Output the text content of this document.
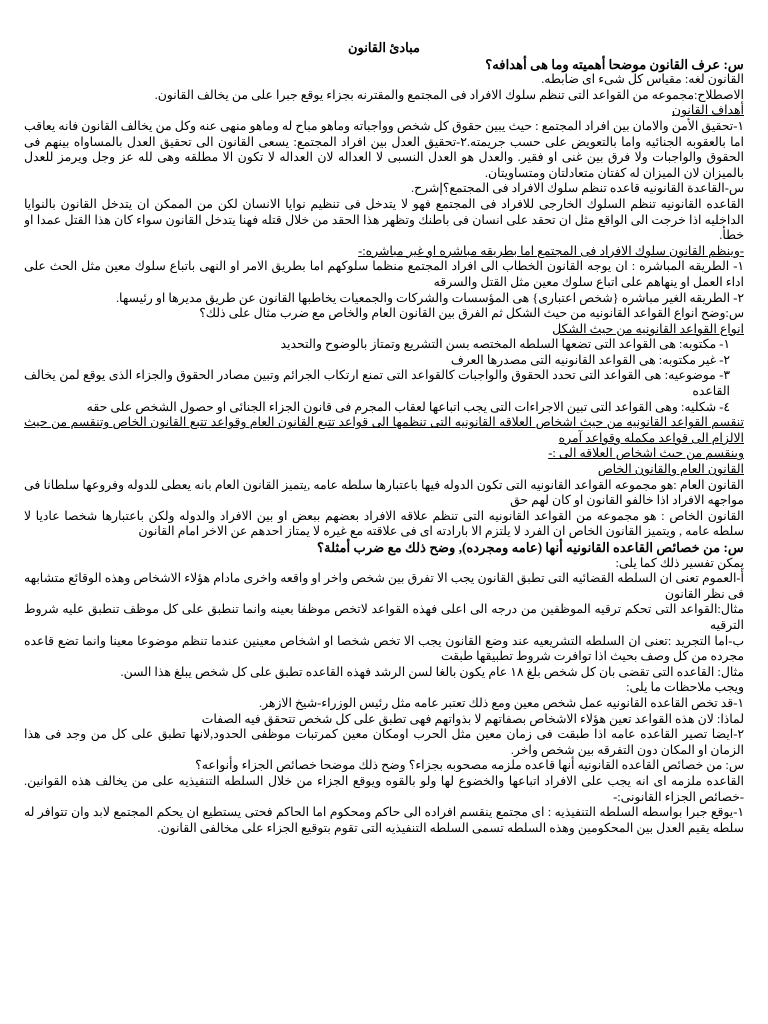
مبادئ القانون

س: عرف القانون موضحا أهميته وما هى أهدافه؟

القانون لغه: مقياس كل شىء اى ضابطه.

الاصطلاح:مجموعه من القواعد التى تنظم سلوك الافراد فى المجتمع والمقترنه بجزاء يوقع جبرا على من يخالف القانون.

أهداف القانون

١-تحقيق الأمن والامان بين افراد المجتمع : حيث يبين حقوق كل شخص وواجباته وماهو مباح له وماهو منهى عنه وكل من يخالف القانون فانه يعاقب اما بالعقوبه الجنائيه واما بالتعويض على حسب جريمته.٢-تحقيق العدل بين افراد المجتمع: يسعى القانون الى تحقيق العدل بالمساواه بينهم فى الحقوق والواجبات ولا فرق بين غنى او فقير. والعدل هو العدل النسبى لا العداله لان العداله لا تكون الا مطلقه وهى لله عز وجل ويرمز للعدل بالميزان لان الميزان له كفتان متعادلتان ومتساويتان.

س-القاعدة القانونيه قاعده تنظم سلوك الافراد فى المجتمع؟إشرح.

القاعده القانونيه تنظم السلوك الخارجى للافراد فى المجتمع فهو لا يتدخل فى تنظيم نوايا الانسان لكن من الممكن ان يتدخل القانون بالنوايا الداخليه اذا خرجت الى الواقع مثل ان تحقد على انسان فى باطنك وتظهر هذا الحقد من خلال قتله فهنا يتدخل القانون سواء كان هذا القتل عمدا او خطأ.

-وينظم القانون سلوك الافراد فى المجتمع اما بطريقه مباشره او غير مباشره:-

١- الطريقه المباشره : ان يوجه القانون الخطاب الى افراد المجتمع منظما سلوكهم اما بطريق الامر او النهى باتباع سلوك معين مثل الحث على اداء العمل او ينهاهم على اتباع سلوك معين مثل القتل والسرقه

٢- الطريقه الغير مباشره {شخص اعتبارى} هى المؤسسات والشركات والجمعيات يخاطبها القانون عن طريق مديرها او رئيسها.

س:وضح انواع القواعد القانونيه من حيث الشكل ثم الفرق بين القانون العام والخاص مع ضرب مثال على ذلك؟

انواع القواعد القانونيه من حيث الشكل

١- مكتوبه: هى القواعد التى تضعها السلطه المختصه بسن التشريع وتمتاز بالوضوح والتحديد

٢- غير مكتوبه: هى القواعد القانونيه التى مصدرها العرف

٣- موضوعيه: هى القواعد التى تحدد الحقوق والواجبات كالقواعد التى تمنع ارتكاب الجرائم وتبين مصادر الحقوق والجزاء الذى يوقع لمن يخالف القاعده

٤- شكليه: وهى القواعد التى تبين الاجراءات التى يجب اتباعها لعقاب المجرم فى قانون الجزاء الجنائى او حصول الشخص على حقه

تنقسم القواعد القانونيه من حيث اشخاص العلاقه القانونيه التى تنظمها الى قواعد تتبع القانون العام وقواعد تتبع القانون الخاص وتنقسم من حيث الالزام الى قواعد مكمله وقواعد آمره

وينقسم من حيث اشخاص العلاقه الى :-

القانون العام والقانون الخاص

القانون العام :هو مجموعه القواعد القانونيه التى تكون الدوله فيها باعتبارها سلطه عامه ,يتميز القانون العام بانه يعطى للدوله وفروعها سلطانا فى مواجهه الافراد اذا خالفو القانون او كان لهم حق

القانون الخاص : هو مجموعه من القواعد القانونيه التى تنظم علاقه الافراد بعضهم ببعض او بين الافراد والدوله ولكن باعتبارها شخصا عاديا لا سلطه عامه , ويتميز القانون الخاص ان الفرد لا يلتزم الا بارادته اى فى علاقته مع غيره لا يمتاز احدهم عن الاخر امام القانون

س: من خصائص القاعده القانونيه أنها (عامه ومجرده), وضح ذلك مع ضرب أمثلة؟

يمكن تفسير ذلك كما يلى:

أ-العموم تعنى ان السلطه القضائيه التى تطبق القانون يجب الا تفرق بين شخص واخر او واقعه واخرى مادام هؤلاء الاشخاص وهذه الوقائع متشابهه فى نظر القانون

مثال:القواعد التى تحكم ترقيه الموظفين من درجه الى اعلى فهذه القواعد لاتخص موظفا بعينه وانما تنطبق على كل موظف تنطبق عليه شروط الترقيه

ب-اما التجريد :تعنى ان السلطه التشريعيه عند وضع القانون يجب الا تخص شخصا او اشخاص معينين عندما تنظم موضوعا معينا وانما تضع قاعده مجرده من كل وصف بحيث اذا توافرت شروط تطبيقها طبقت

مثال: القاعده التى تقضى بان كل شخص بلغ ١٨ عام يكون بالغا لسن الرشد فهذه القاعده تطبق على كل شخص يبلغ هذا السن.

ويجب ملاحظات ما يلى:

١-قد تخص القاعده القانونيه عمل شخص معين ومع ذلك تعتبر عامه مثل رئيس الوزراء-شيخ الازهر.

لماذا: لان هذه القواعد تعين هؤلاء الاشخاص بصفاتهم لا بذواتهم فهى تطبق على كل شخص تتحقق فيه الصفات

٢-ايضا تصير القاعده عامه اذا طبقت فى زمان معين مثل الحرب اومكان معين كمرتبات موظفى الحدود,لانها تطبق على كل من وجد فى هذا الزمان او المكان دون التفرقه بين شخص واخر.

س: من خصائص القاعده القانونيه أنها قاعده ملزمه مصحوبه بجزاء؟ وضح ذلك موضحا خصائص الجزاء وأنواعه؟

القاعده ملزمه اى انه يجب على الافراد اتباعها والخضوع لها ولو بالقوه ويوقع الجزاء من خلال السلطه التنفيذيه على من يخالف هذه القوانين. -خصائص الجزاء القانونى:-

١-يوقع جبرا بواسطه السلطه التنفيذيه : اى مجتمع ينقسم افراده الى حاكم ومحكوم اما الحاكم فحتى يستطيع ان يحكم المجتمع لابد وان تتوافر له سلطه يقيم العدل بين المحكومين وهذه السلطه تسمى السلطه التنفيذيه التى تقوم بتوقيع الجزاء على مخالفى القانون.
